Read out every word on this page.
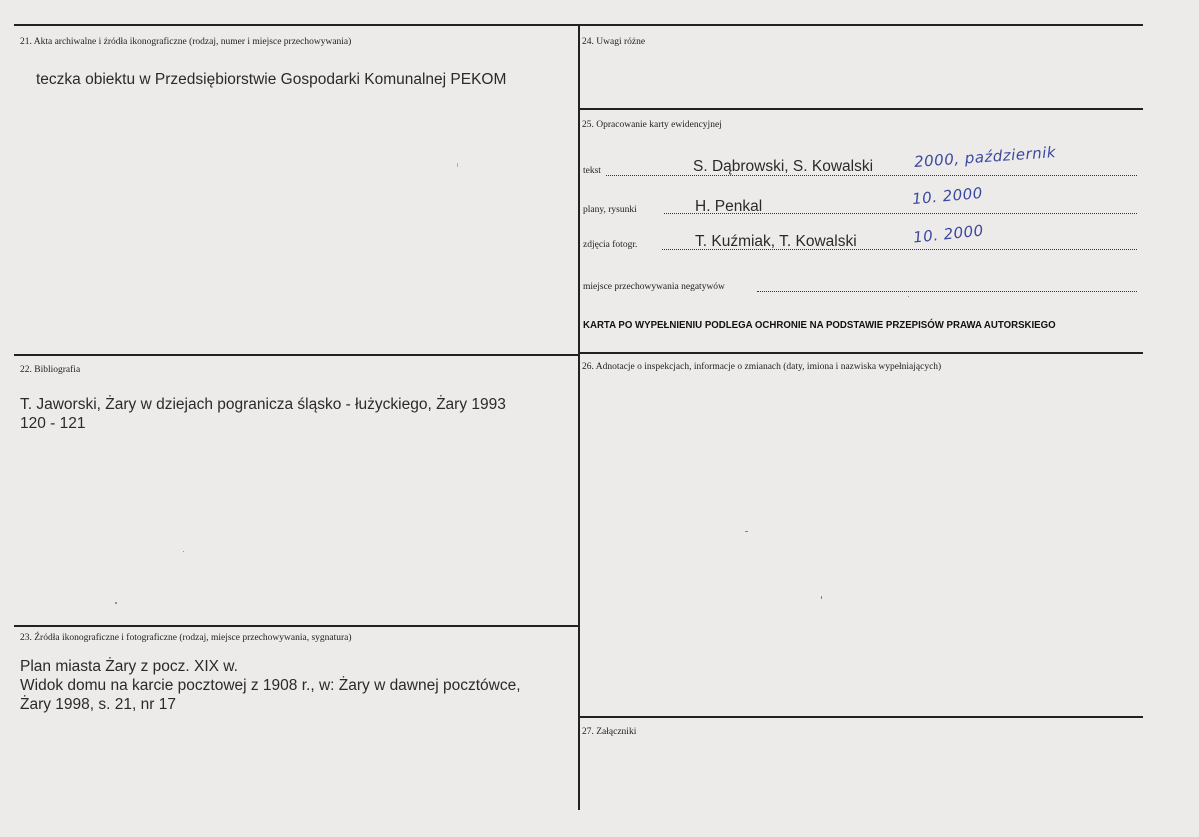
21. Akta archiwalne i źródła ikonograficzne (rodzaj, numer i miejsce przechowywania)
teczka obiektu w Przedsiębiorstwie Gospodarki Komunalnej PEKOM
22. Bibliografia
T. Jaworski, Żary w dziejach pogranicza śląsko - łużyckiego, Żary 1993
120 - 121
23. Źródła ikonograficzne i fotograficzne (rodzaj, miejsce przechowywania, sygnatura)
Plan miasta Żary z pocz. XIX w.
Widok domu na karcie pocztowej z 1908 r., w: Żary w dawnej pocztówce,
Żary 1998, s. 21, nr 17
24. Uwagi różne
25. Opracowanie karty ewidencyjnej
tekst	S. Dąbrowski, S. Kowalski	2000, październik
plany, rysunki	H. Penkal	10. 2000
zdjęcia fotogr.	T. Kuźmiak, T. Kowalski	10. 2000
miejsce przechowywania negatywów
KARTA PO WYPEŁNIENIU PODLEGA OCHRONIE NA PODSTAWIE PRZEPISÓW PRAWA AUTORSKIEGO
26. Adnotacje o inspekcjach, informacje o zmianach (daty, imiona i nazwiska wypełniających)
27. Załączniki
